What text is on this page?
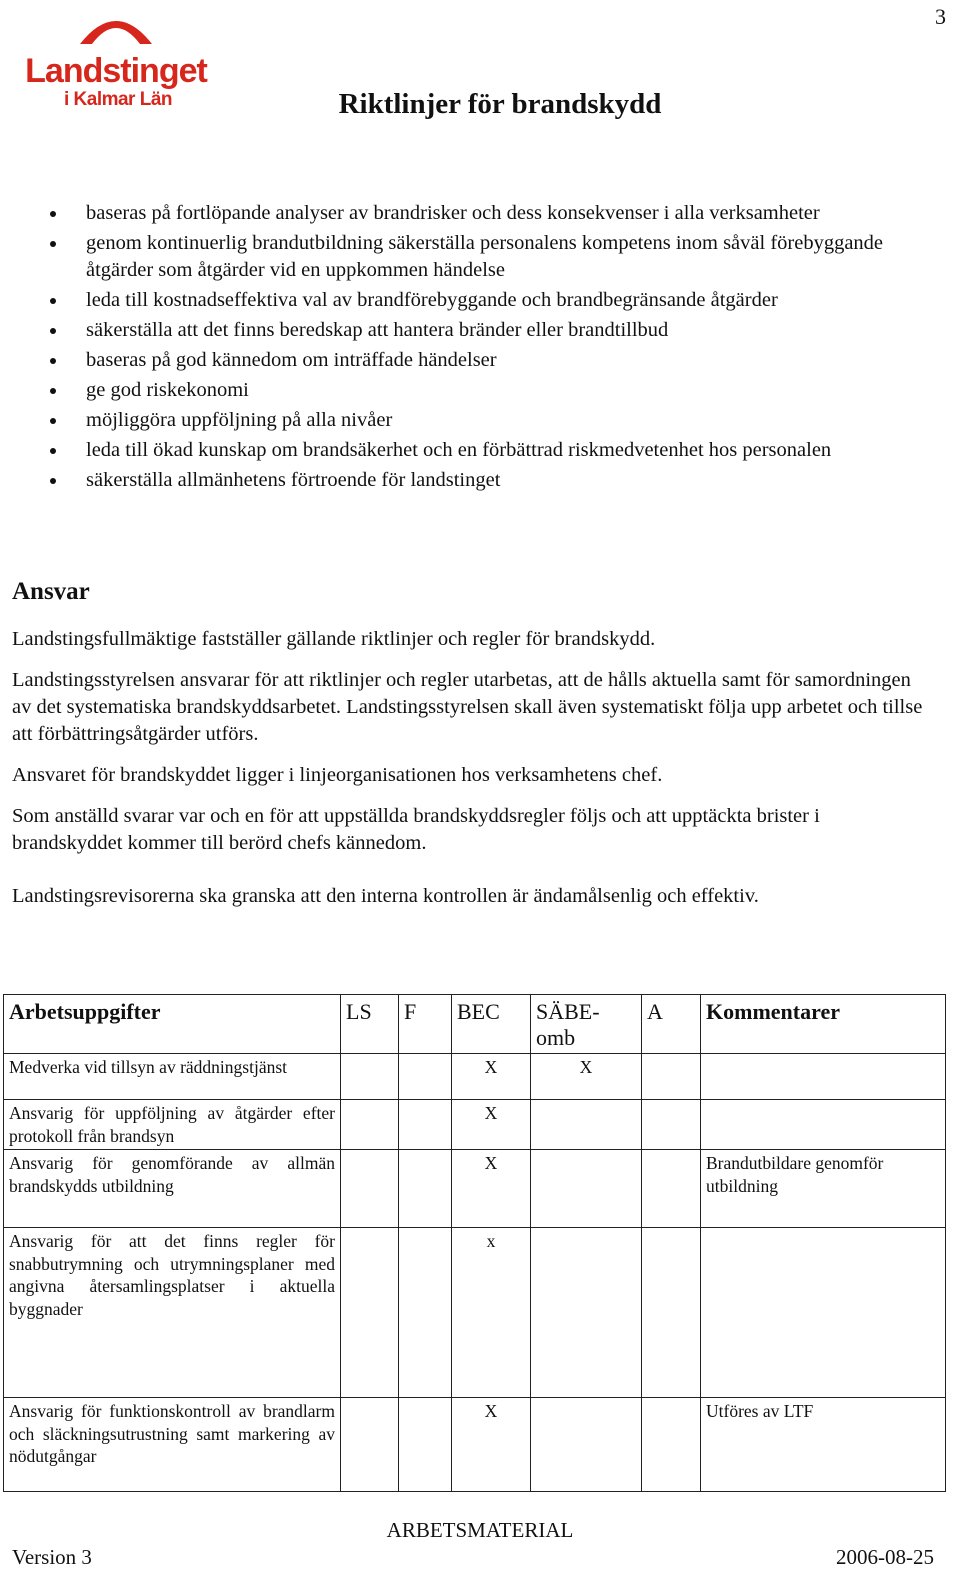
3
Landstinget
i Kalmar Län	Riktlinjer för brandskydd
baseras på fortlöpande analyser av brandrisker och dess konsekvenser i alla verksamheter
genom kontinuerlig brandutbildning säkerställa personalens kompetens inom såväl förebyggande åtgärder som åtgärder vid en uppkommen händelse
leda till kostnadseffektiva val av brandförebyggande och brandbegränsande åtgärder
säkerställa att det finns beredskap att hantera bränder eller brandtillbud
baseras på god kännedom om inträffade händelser
ge god riskekonomi
möjliggöra uppföljning på alla nivåer
leda till ökad kunskap om brandsäkerhet och en förbättrad riskmedvetenhet hos personalen
säkerställa allmänhetens förtroende för landstinget
Ansvar

Landstingsfullmäktige fastställer gällande riktlinjer och regler för brandskydd.

Landstingsstyrelsen ansvarar för att riktlinjer och regler utarbetas, att de hålls aktuella samt för samordningen av det systematiska brandskyddsarbetet. Landstingsstyrelsen skall även systematiskt följa upp arbetet och tillse att förbättringsåtgärder utförs.

Ansvaret för brandskyddet ligger i linjeorganisationen hos verksamhetens chef.

Som anställd svarar var och en för att uppställda brandskyddsregler följs och att upptäckta brister i brandskyddet kommer till berörd chefs kännedom.

Landstingsrevisorerna ska granska att den interna kontrollen är ändamålsenlig och effektiv.

Arbetsuppgifter	LS	F	BEC	SÄBE-omb	A	Kommentarer
Medverka vid tillsyn av räddningstjänst			X	X		
Ansvarig för uppföljning av åtgärder efter protokoll från brandsyn			X			
Ansvarig för genomförande av allmän brandskydds utbildning			X			Brandutbildare genomför utbildning
Ansvarig för att det finns regler för snabbutrymning och utrymningsplaner med angivna återsamlingsplatser i aktuella byggnader			x			
Ansvarig för funktionskontroll av brandlarm och släckningsutrustning samt markering av nödutgångar			X			Utföres av LTF
ARBETSMATERIAL
Version 3	2006-08-25
